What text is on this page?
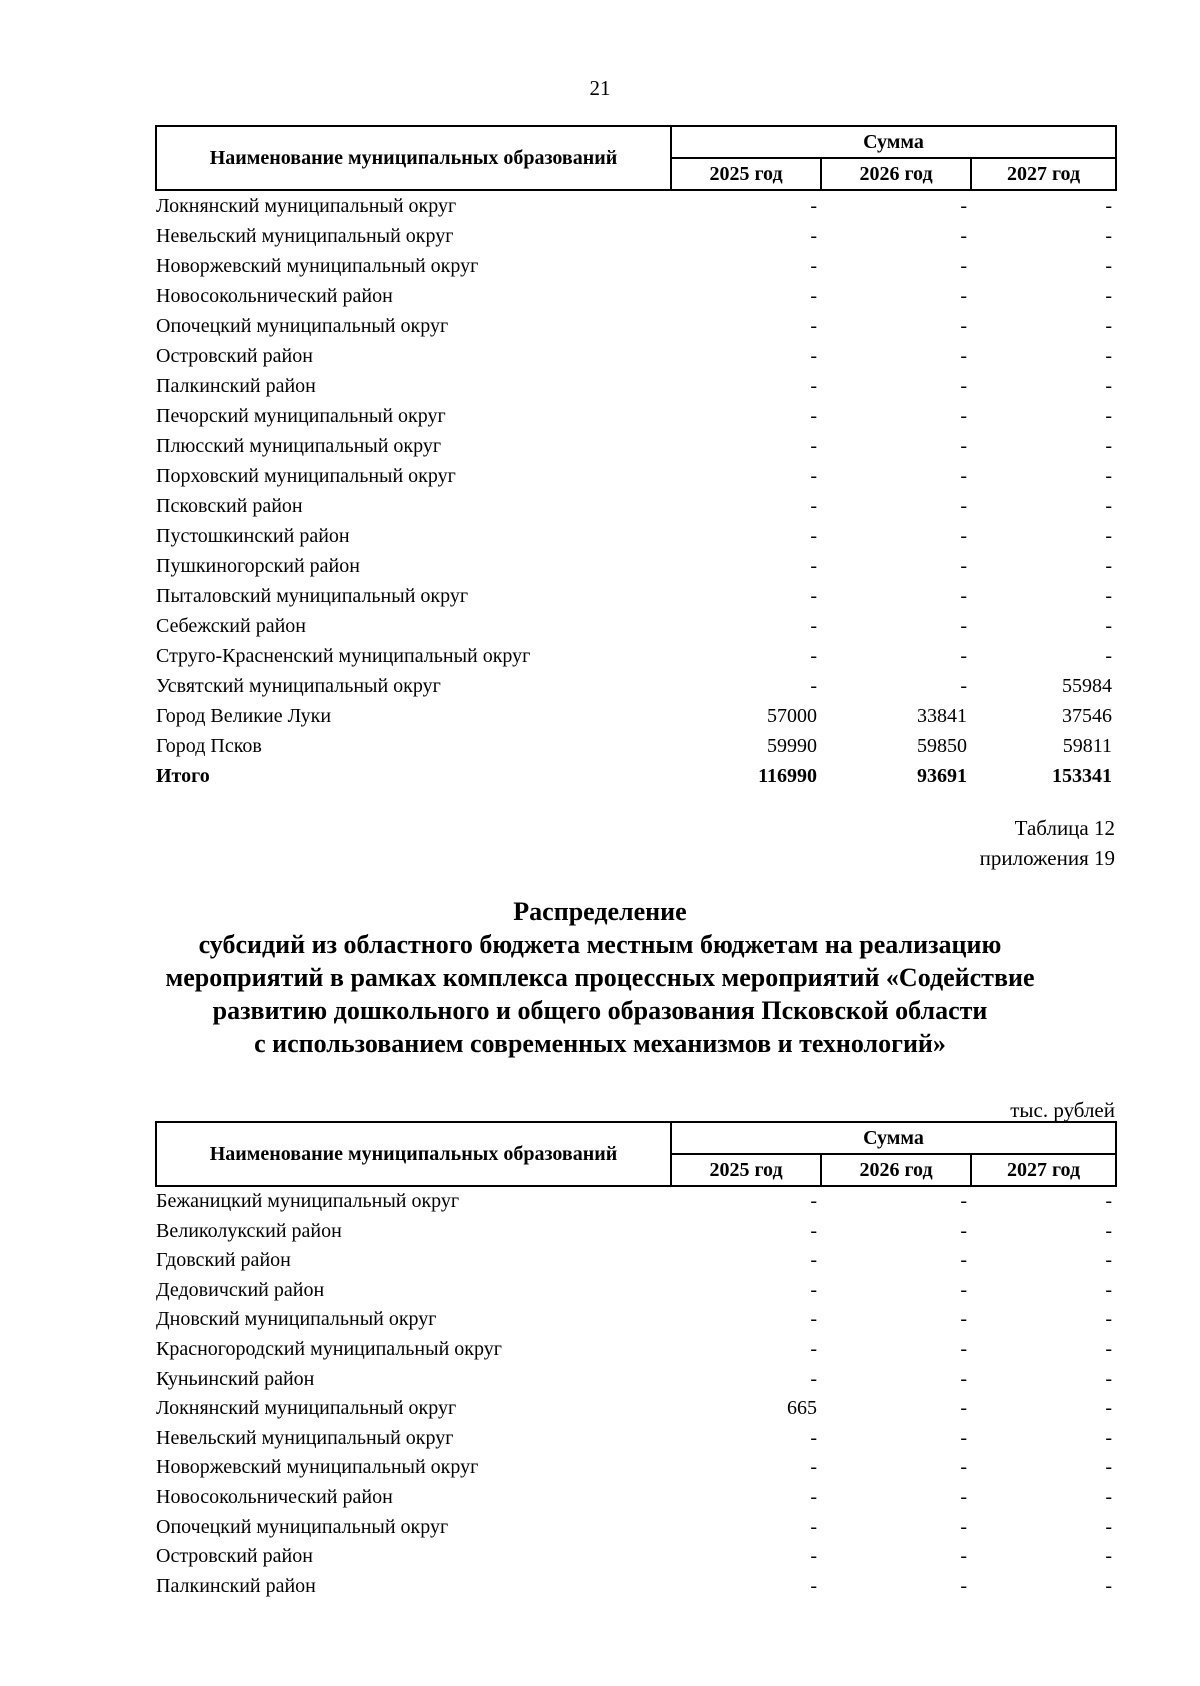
21
Наименование муниципальных образований	Сумма		
	2025 год	2026 год	2027 год
Локнянский муниципальный округ	-	-	-
Невельский муниципальный округ	-	-	-
Новоржевский муниципальный округ	-	-	-
Новосокольнический район	-	-	-
Опочецкий муниципальный округ	-	-	-
Островский район	-	-	-
Палкинский район	-	-	-
Печорский муниципальный округ	-	-	-
Плюсский муниципальный округ	-	-	-
Порховский муниципальный округ	-	-	-
Псковский район	-	-	-
Пустошкинский район	-	-	-
Пушкиногорский район	-	-	-
Пыталовский муниципальный округ	-	-	-
Себежский район	-	-	-
Струго-Красненский муниципальный округ	-	-	-
Усвятский муниципальный округ	-	-	55984
Город Великие Луки	57000	33841	37546
Город Псков	59990	59850	59811
Итого	116990	93691	153341
Таблица 12
приложения 19
Распределение
субсидий из областного бюджета местным бюджетам на реализацию
мероприятий в рамках комплекса процессных мероприятий «Содействие
развитию дошкольного и общего образования Псковской области
с использованием современных механизмов и технологий»
тыс. рублей
Наименование муниципальных образований	Сумма		
	2025 год	2026 год	2027 год
Бежаницкий муниципальный округ	-	-	-
Великолукский район	-	-	-
Гдовский район	-	-	-
Дедовичский район	-	-	-
Дновский муниципальный округ	-	-	-
Красногородский муниципальный округ	-	-	-
Куньинский район	-	-	-
Локнянский муниципальный округ	665	-	-
Невельский муниципальный округ	-	-	-
Новоржевский муниципальный округ	-	-	-
Новосокольнический район	-	-	-
Опочецкий муниципальный округ	-	-	-
Островский район	-	-	-
Палкинский район	-	-	-
